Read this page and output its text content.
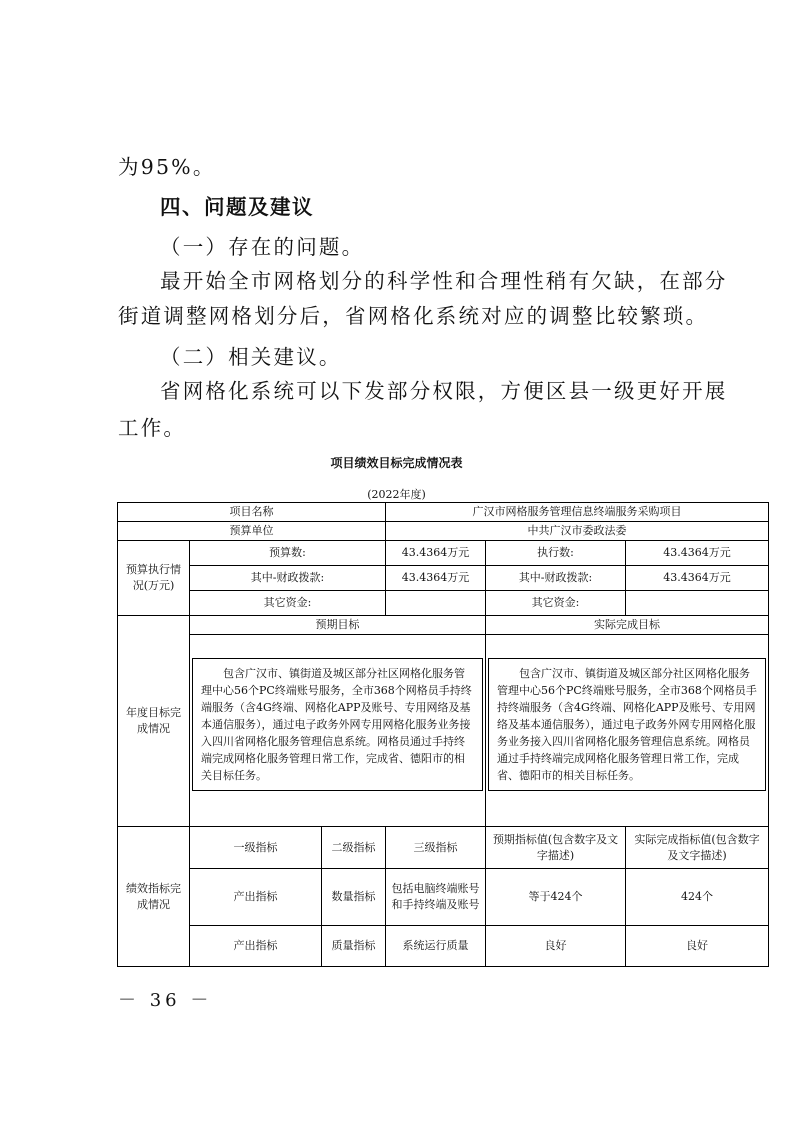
为95%。
四、问题及建议
（一）存在的问题。
最开始全市网格划分的科学性和合理性稍有欠缺，在部分
街道调整网格划分后，省网格化系统对应的调整比较繁琐。
（二）相关建议。
省网格化系统可以下发部分权限，方便区县一级更好开展
工作。
项目绩效目标完成情况表
(2022年度)
项目名称			广汉市网格服务管理信息终端服务采购项目		
预算单位			中共广汉市委政法委		
预算执行情况(万元)	预算数:		43.4364万元	执行数:	43.4364万元
	其中-财政拨款:		43.4364万元	其中-财政拨款:	43.4364万元
	其它资金:			其它资金:	
年度目标完成情况	预期目标			实际完成目标	

	包含广汉市、镇街道及城区部分社区网格化服务管理中心56个PC终端账号服务，全市368个网格员手持终端服务（含4G终端、网格化APP及账号、专用网络及基本通信服务），通过电子政务外网专用网格化服务业务接入四川省网格化服务管理信息系统。网格员通过手持终端完成网格化服务管理日常工作，完成省、德阳市的相关目标任务。			包含广汉市、镇街道及城区部分社区网格化服务管理中心56个PC终端账号服务，全市368个网格员手持终端服务（含4G终端、网格化APP及账号、专用网络及基本通信服务），通过电子政务外网专用网格化服务业务接入四川省网格化服务管理信息系统。网格员通过手持终端完成网格化服务管理日常工作，完成省、德阳市的相关目标任务。	

绩效指标完成情况	一级指标	二级指标	三级指标	预期指标值(包含数字及文字描述)	实际完成指标值(包含数字及文字描述)
	产出指标	数量指标	包括电脑终端账号和手持终端及账号	等于424个	424个
	产出指标	质量指标	系统运行质量	良好	良好
－ 36 －
